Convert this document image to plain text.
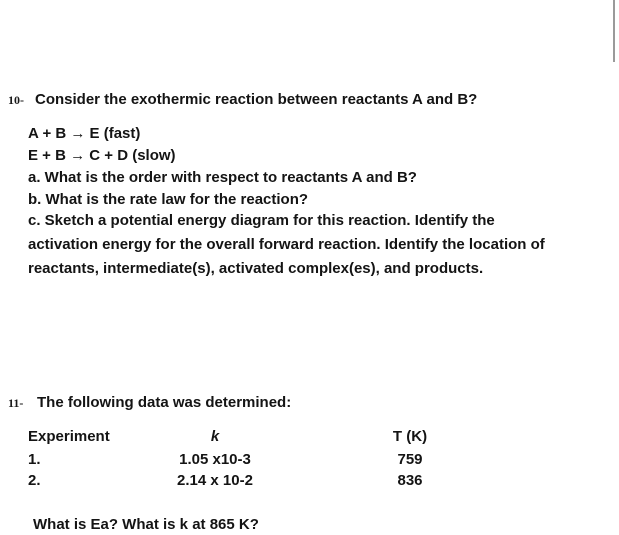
10- Consider the exothermic reaction between reactants A and B?
A + B → E (fast)
E + B → C + D (slow)
a. What is the order with respect to reactants A and B?
b. What is the rate law for the reaction?
c. Sketch a potential energy diagram for this reaction. Identify the
activation energy for the overall forward reaction. Identify the location of
reactants, intermediate(s), activated complex(es), and products.
11- The following data was determined:
Experiment	k	T (K)
1.	1.05 x10-3	759
2.	2.14 x 10-2	836
What is Ea? What is k at 865 K?
